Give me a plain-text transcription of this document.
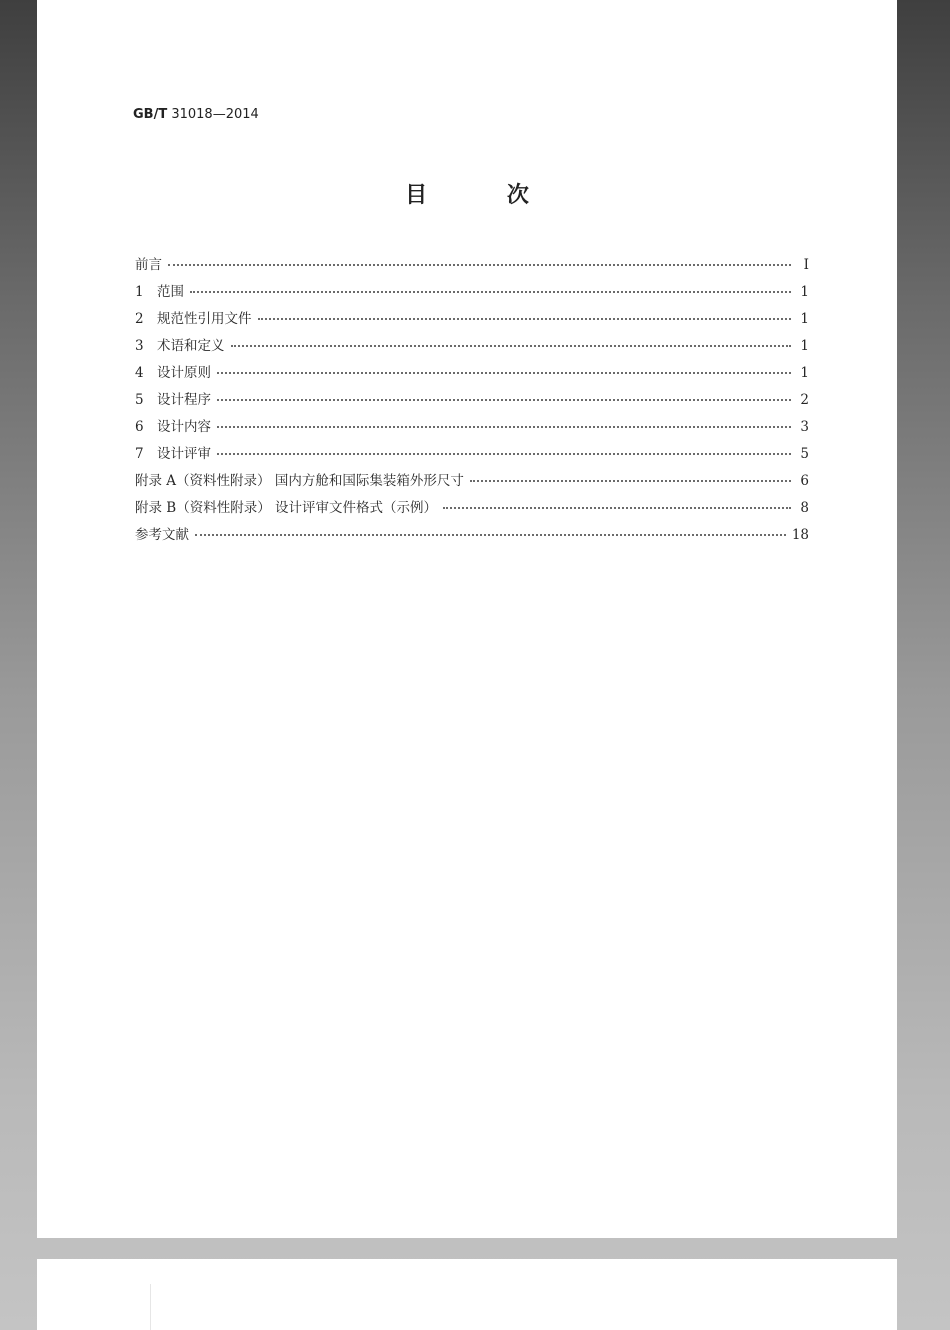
GB/T 31018—2014
目 次
前言	Ⅰ
1 范围	1
2 规范性引用文件	1
3 术语和定义	1
4 设计原则	1
5 设计程序	2
6 设计内容	3
7 设计评审	5
附录 A（资料性附录） 国内方舱和国际集装箱外形尺寸	6
附录 B（资料性附录） 设计评审文件格式（示例）	8
参考文献	18
